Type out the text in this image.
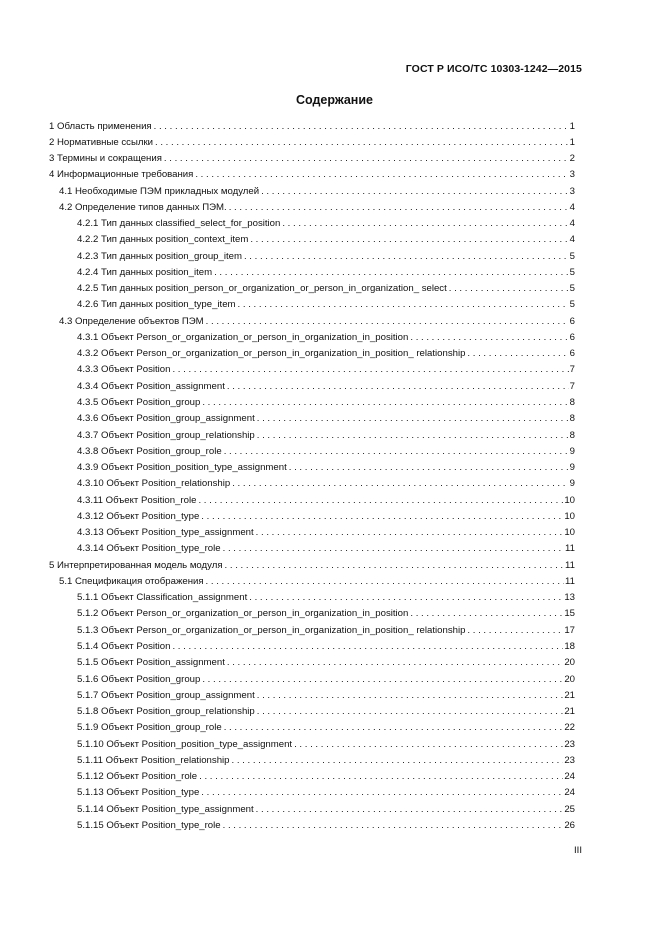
ГОСТ Р ИСО/ТС 10303-1242—2015
Содержание
1 Область применения . . .	1
2 Нормативные ссылки . . .	1
3 Термины и сокращения . . .	2
4 Информационные требования . . .	3
4.1 Необходимые ПЭМ прикладных модулей . . .	3
4.2 Определение типов данных ПЭМ. . . .	4
4.2.1 Тип данных classified_select_for_position . . .	4
4.2.2 Тип данных position_context_item . . .	4
4.2.3 Тип данных position_group_item . . .	5
4.2.4 Тип данных position_item . . .	5
4.2.5 Тип данных position_person_or_organization_or_person_in_organization_ select . . .	5
4.2.6 Тип данных position_type_item . . .	5
4.3 Определение объектов ПЭМ . . .	6
4.3.1 Объект Person_or_organization_or_person_in_organization_in_position . . .	6
4.3.2 Объект Person_or_organization_or_person_in_organization_in_position_ relationship . . .	6
4.3.3 Объект Position . . .	7
4.3.4 Объект Position_assignment . . .	7
4.3.5 Объект Position_group . . .	8
4.3.6 Объект Position_group_assignment . . .	8
4.3.7 Объект Position_group_relationship . . .	8
4.3.8 Объект Position_group_role . . .	9
4.3.9 Объект Position_position_type_assignment . . .	9
4.3.10 Объект Position_relationship . . .	9
4.3.11 Объект Position_role . . .	10
4.3.12 Объект Position_type . . .	10
4.3.13 Объект Position_type_assignment . . .	10
4.3.14 Объект Position_type_role . . .	11
5 Интерпретированная модель модуля . . .	11
5.1 Спецификация отображения . . .	11
5.1.1 Объект Classification_assignment . . .	13
5.1.2 Объект Person_or_organization_or_person_in_organization_in_position . . .	15
5.1.3 Объект Person_or_organization_or_person_in_organization_in_position_ relationship . . .	17
5.1.4 Объект Position . . .	18
5.1.5 Объект Position_assignment . . .	20
5.1.6 Объект Position_group . . .	20
5.1.7 Объект Position_group_assignment . . .	21
5.1.8 Объект Position_group_relationship . . .	21
5.1.9 Объект Position_group_role . . .	22
5.1.10 Объект Position_position_type_assignment . . .	23
5.1.11 Объект Position_relationship . . .	23
5.1.12 Объект Position_role . . .	24
5.1.13 Объект Position_type . . .	24
5.1.14 Объект Position_type_assignment . . .	25
5.1.15 Объект Position_type_role . . .	26
III
